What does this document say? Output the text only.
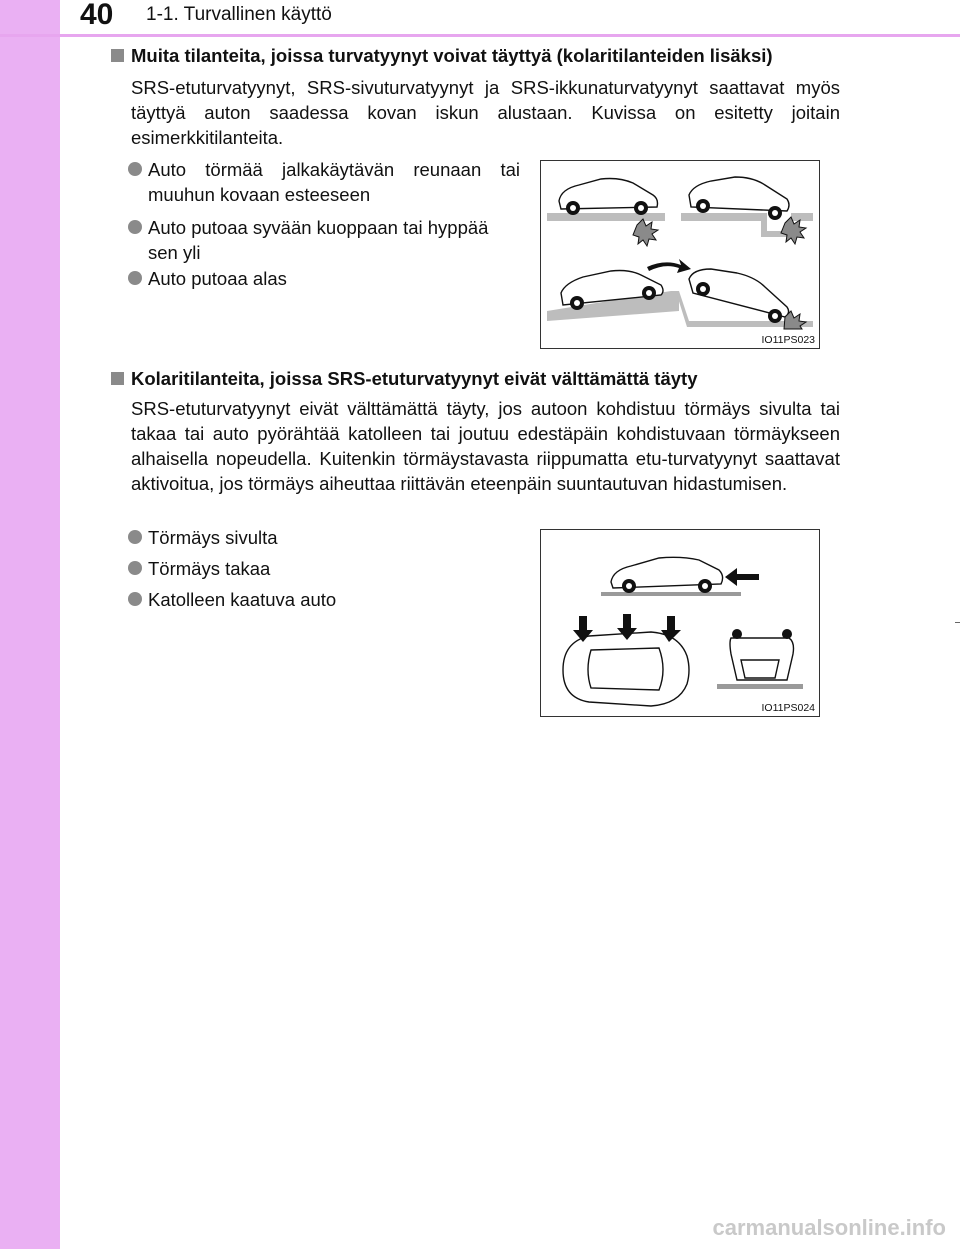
40 1-1. Turvallinen käyttö
Muita tilanteita, joissa turvatyynyt voivat täyttyä (kolaritilanteiden lisäksi)
SRS-etuturvatyynyt, SRS-sivuturvatyynyt ja SRS-ikkunaturvatyynyt saattavat myös täyttyä auton saadessa kovan iskun alustaan. Kuvissa on esitetty joitain esimerkkitilanteita.
Auto törmää jalkakäytävän reunaan tai muuhun kovaan esteeseen
Auto putoaa syvään kuoppaan tai hyppää sen yli
Auto putoaa alas
IO11PS023
Kolaritilanteita, joissa SRS-etuturvatyynyt eivät välttämättä täyty
SRS-etuturvatyynyt eivät välttämättä täyty, jos autoon kohdistuu törmäys sivulta tai takaa tai auto pyörähtää katolleen tai joutuu edestäpäin kohdistuvaan törmäykseen alhaisella nopeudella. Kuitenkin törmäystavasta riippumatta etu-turvatyynyt saattavat aktivoitua, jos törmäys aiheuttaa riittävän eteenpäin suuntautuvan hidastumisen.
Törmäys sivulta
Törmäys takaa
Katolleen kaatuva auto
IO11PS024
carmanualsonline.info
